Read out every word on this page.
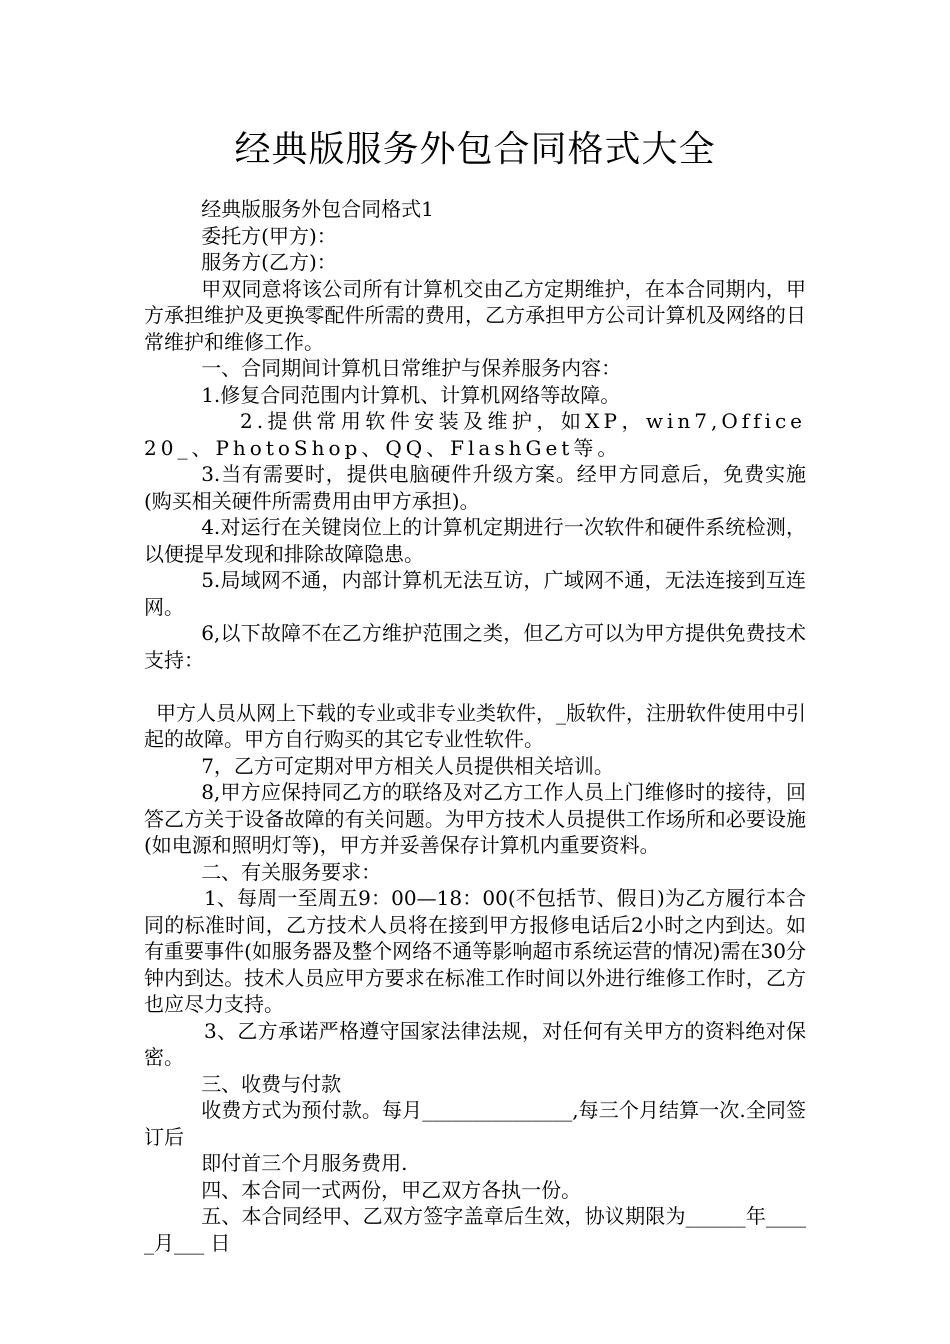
经典版服务外包合同格式大全

经典版服务外包合同格式1

委托方(甲方)：

服务方(乙方)：

甲双同意将该公司所有计算机交由乙方定期维护，在本合同期内，甲方承担维护及更换零配件所需的费用，乙方承担甲方公司计算机及网络的日常维护和维修工作。

一、合同期间计算机日常维护与保养服务内容：

1.修复合同范围内计算机、计算机网络等故障。

2.提供常用软件安装及维护，如XP，win7,Office20_、PhotoShop、QQ、FlashGet等。

3.当有需要时，提供电脑硬件升级方案。经甲方同意后，免费实施(购买相关硬件所需费用由甲方承担)。

4.对运行在关键岗位上的计算机定期进行一次软件和硬件系统检测，以便提早发现和排除故障隐患。

5.局域网不通，内部计算机无法互访，广域网不通，无法连接到互连网。

6,以下故障不在乙方维护范围之类，但乙方可以为甲方提供免费技术支持：

甲方人员从网上下载的专业或非专业类软件，_版软件，注册软件使用中引起的故障。甲方自行购买的其它专业性软件。

7，乙方可定期对甲方相关人员提供相关培训。

8,甲方应保持同乙方的联络及对乙方工作人员上门维修时的接待，回答乙方关于设备故障的有关问题。为甲方技术人员提供工作场所和必要设施(如电源和照明灯等)，甲方并妥善保存计算机内重要资料。

二、有关服务要求：

1、每周一至周五9：00—18：00(不包括节、假日)为乙方履行本合同的标准时间，乙方技术人员将在接到甲方报修电话后2小时之内到达。如有重要事件(如服务器及整个网络不通等影响超市系统运营的情况)需在30分钟内到达。技术人员应甲方要求在标准工作时间以外进行维修工作时，乙方也应尽力支持。

3、乙方承诺严格遵守国家法律法规，对任何有关甲方的资料绝对保密。

三、收费与付款

收费方式为预付款。每月_______________,每三个月结算一次.全同签订后

即付首三个月服务费用.

四、本合同一式两份，甲乙双方各执一份。

五、本合同经甲、乙双方签字盖章后生效，协议期限为______年_____月___ 日
